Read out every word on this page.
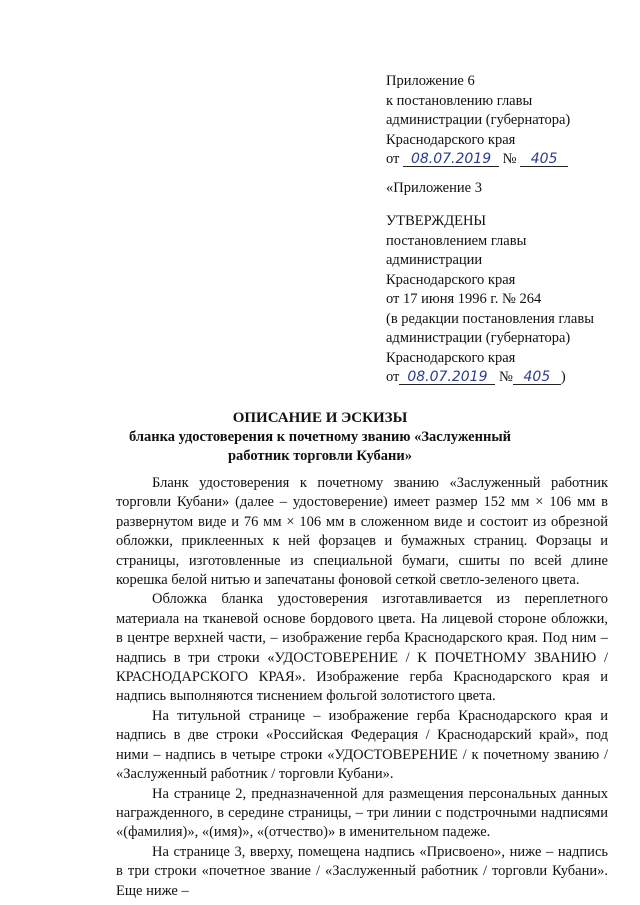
Приложение 6
к постановлению главы
администрации (губернатора)
Краснодарского края
от 08.07.2019 № 405
«Приложение 3
УТВЕРЖДЕНЫ
постановлением главы
администрации
Краснодарского края
от 17 июня 1996 г. № 264
(в редакции постановления главы
администрации (губернатора)
Краснодарского края
от 08.07.2019 № 405 )
ОПИСАНИЕ И ЭСКИЗЫ
бланка удостоверения к почетному званию «Заслуженный
работник торговли Кубани»

Бланк удостоверения к почетному званию «Заслуженный работник торговли Кубани» (далее – удостоверение) имеет размер 152 мм × 106 мм в развернутом виде и 76 мм × 106 мм в сложенном виде и состоит из обрезной обложки, приклеенных к ней форзацев и бумажных страниц. Форзацы и страницы, изготовленные из специальной бумаги, сшиты по всей длине корешка белой нитью и запечатаны фоновой сеткой светло-зеленого цвета.

Обложка бланка удостоверения изготавливается из переплетного материала на тканевой основе бордового цвета. На лицевой стороне обложки, в центре верхней части, – изображение герба Краснодарского края. Под ним – надпись в три строки «УДОСТОВЕРЕНИЕ / К ПОЧЕТНОМУ ЗВАНИЮ / КРАСНОДАРСКОГО КРАЯ». Изображение герба Краснодарского края и надпись выполняются тиснением фольгой золотистого цвета.

На титульной странице – изображение герба Краснодарского края и надпись в две строки «Российская Федерация / Краснодарский край», под ними – надпись в четыре строки «УДОСТОВЕРЕНИЕ / к почетному званию / «Заслуженный работник / торговли Кубани».

На странице 2, предназначенной для размещения персональных данных награжденного, в середине страницы, – три линии с подстрочными надписями «(фамилия)», «(имя)», «(отчество)» в именительном падеже.

На странице 3, вверху, помещена надпись «Присвоено», ниже – надпись в три строки «почетное звание / «Заслуженный работник / торговли Кубани». Еще ниже –
